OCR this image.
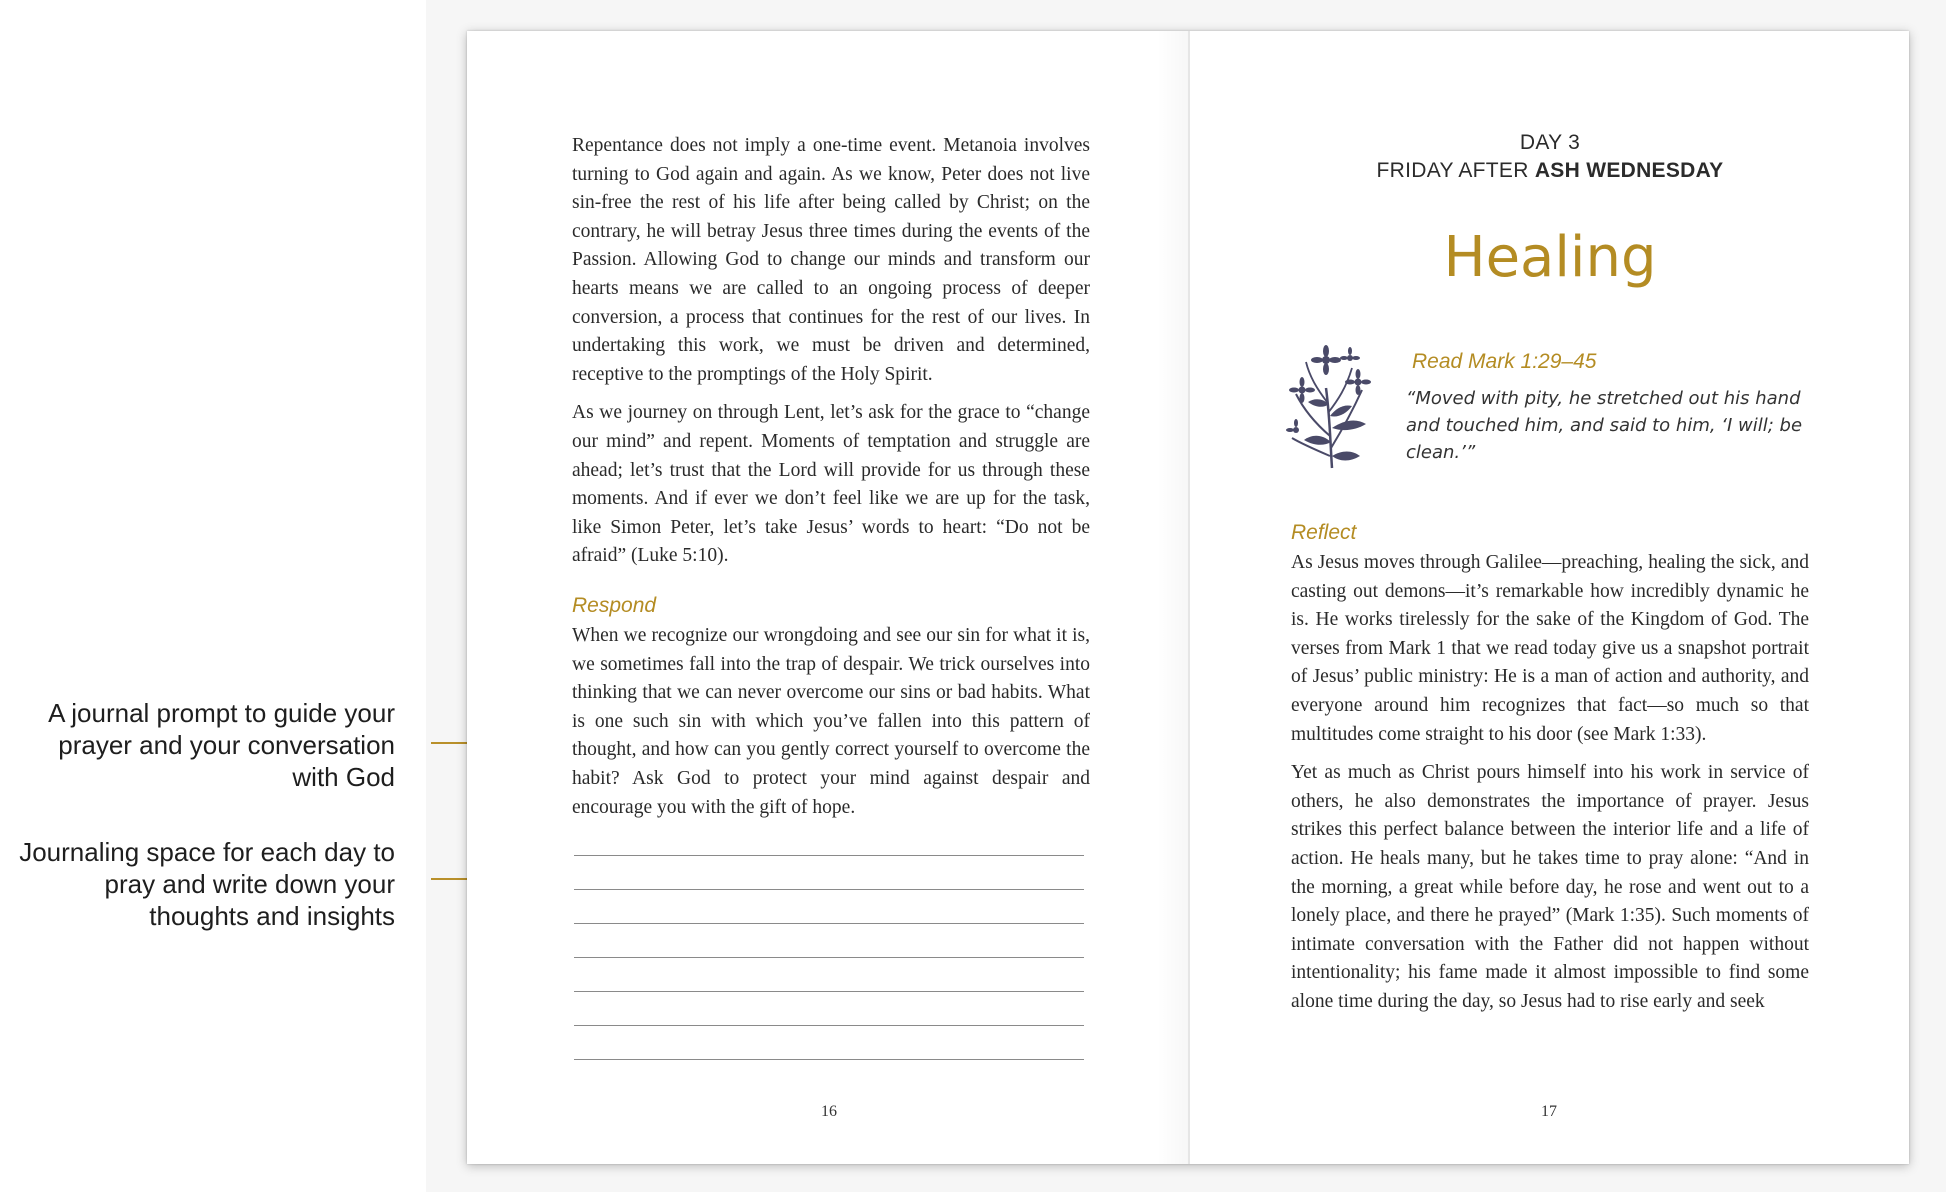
A journal prompt to guide your prayer and your conversation with God
Journaling space for each day to pray and write down your thoughts and insights

Repentance does not imply a one-time event. Metanoia involves turning to God again and again. As we know, Peter does not live sin-free the rest of his life after being called by Christ; on the contrary, he will betray Jesus three times during the events of the Passion. Allowing God to change our minds and transform our hearts means we are called to an ongoing process of deeper conversion, a process that continues for the rest of our lives. In undertaking this work, we must be driven and determined, receptive to the promptings of the Holy Spirit.

As we journey on through Lent, let’s ask for the grace to “change our mind” and repent. Moments of temptation and struggle are ahead; let’s trust that the Lord will provide for us through these moments. And if ever we don’t feel like we are up for the task, like Simon Peter, let’s take Jesus’ words to heart: “Do not be afraid” (Luke 5:10).

Respond

When we recognize our wrongdoing and see our sin for what it is, we sometimes fall into the trap of despair. We trick ourselves into thinking that we can never overcome our sins or bad habits. What is one such sin with which you’ve fallen into this pattern of thought, and how can you gently correct yourself to overcome the habit? Ask God to protect your mind against despair and encourage you with the gift of hope.

16
DAY 3
FRIDAY AFTER ASH WEDNESDAY
Healing
Read Mark 1:29–45
“Moved with pity, he stretched out his hand and touched him, and said to him, ‘I will; be clean.’”
Reflect

As Jesus moves through Galilee—preaching, healing the sick, and casting out demons—it’s remarkable how incredibly dynamic he is. He works tirelessly for the sake of the Kingdom of God. The verses from Mark 1 that we read today give us a snapshot portrait of Jesus’ public ministry: He is a man of action and authority, and everyone around him recognizes that fact—so much so that multitudes come straight to his door (see Mark 1:33).

Yet as much as Christ pours himself into his work in service of others, he also demonstrates the importance of prayer. Jesus strikes this perfect balance between the interior life and a life of action. He heals many, but he takes time to pray alone: “And in the morning, a great while before day, he rose and went out to a lonely place, and there he prayed” (Mark 1:35). Such moments of intimate conversation with the Father did not happen without intentionality; his fame made it almost impossible to find some alone time during the day, so Jesus had to rise early and seek

17
